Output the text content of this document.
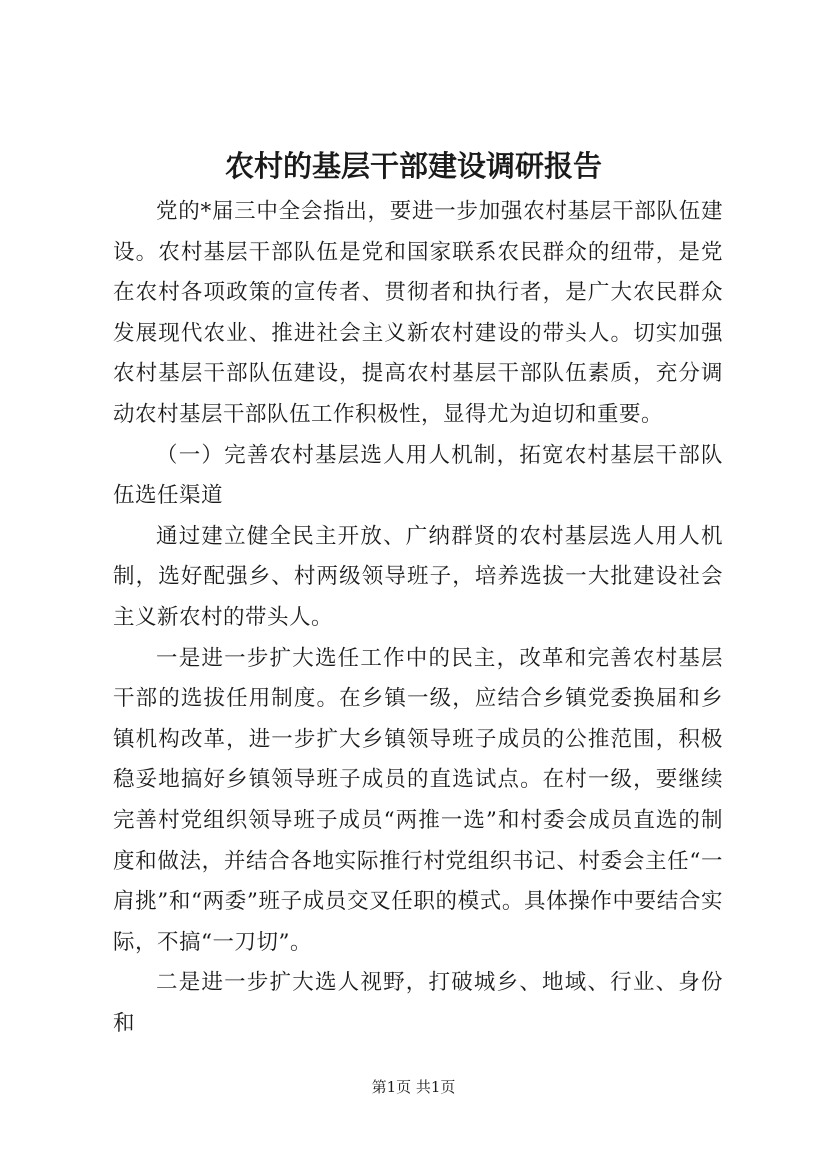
农村的基层干部建设调研报告

党的*届三中全会指出，要进一步加强农村基层干部队伍建设。农村基层干部队伍是党和国家联系农民群众的纽带，是党在农村各项政策的宣传者、贯彻者和执行者，是广大农民群众发展现代农业、推进社会主义新农村建设的带头人。切实加强农村基层干部队伍建设，提高农村基层干部队伍素质，充分调动农村基层干部队伍工作积极性，显得尤为迫切和重要。

（一）完善农村基层选人用人机制，拓宽农村基层干部队伍选任渠道

通过建立健全民主开放、广纳群贤的农村基层选人用人机制，选好配强乡、村两级领导班子，培养选拔一大批建设社会主义新农村的带头人。

一是进一步扩大选任工作中的民主，改革和完善农村基层干部的选拔任用制度。在乡镇一级，应结合乡镇党委换届和乡镇机构改革，进一步扩大乡镇领导班子成员的公推范围，积极稳妥地搞好乡镇领导班子成员的直选试点。在村一级，要继续完善村党组织领导班子成员“两推一选”和村委会成员直选的制度和做法，并结合各地实际推行村党组织书记、村委会主任“一肩挑”和“两委”班子成员交叉任职的模式。具体操作中要结合实际，不搞“一刀切”。

二是进一步扩大选人视野，打破城乡、地域、行业、身份和

第1页 共1页
